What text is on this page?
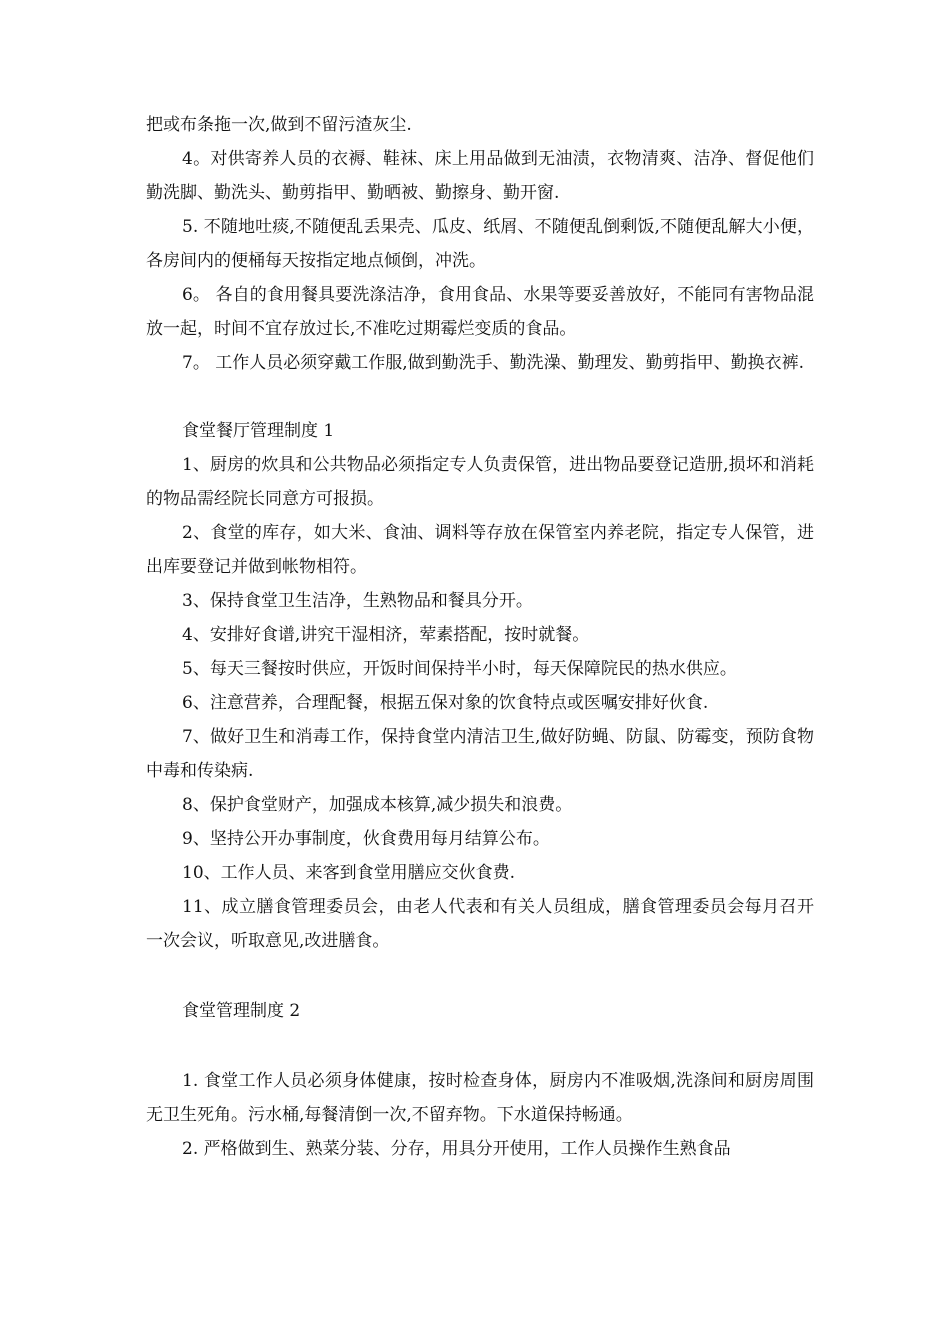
把或布条拖一次,做到不留污渣灰尘.

4。对供寄养人员的衣褥、鞋袜、床上用品做到无油渍，衣物清爽、洁净、督促他们勤洗脚、勤洗头、勤剪指甲、勤晒被、勤擦身、勤开窗.

5. 不随地吐痰,不随便乱丢果壳、瓜皮、纸屑、不随便乱倒剩饭,不随便乱解大小便，各房间内的便桶每天按指定地点倾倒，冲洗。

6。 各自的食用餐具要洗涤洁净，食用食品、水果等要妥善放好，不能同有害物品混放一起，时间不宜存放过长,不准吃过期霉烂变质的食品。

7。 工作人员必须穿戴工作服,做到勤洗手、勤洗澡、勤理发、勤剪指甲、勤换衣裤.

食堂餐厅管理制度 1

1、厨房的炊具和公共物品必须指定专人负责保管，进出物品要登记造册,损坏和消耗的物品需经院长同意方可报损。

2、食堂的库存，如大米、食油、调料等存放在保管室内养老院，指定专人保管，进出库要登记并做到帐物相符。

3、保持食堂卫生洁净，生熟物品和餐具分开。

4、安排好食谱,讲究干湿相济，荤素搭配，按时就餐。

5、每天三餐按时供应，开饭时间保持半小时，每天保障院民的热水供应。

6、注意营养，合理配餐，根据五保对象的饮食特点或医嘱安排好伙食.

7、做好卫生和消毒工作，保持食堂内清洁卫生,做好防蝇、防鼠、防霉变，预防食物中毒和传染病.

8、保护食堂财产，加强成本核算,减少损失和浪费。

9、坚持公开办事制度，伙食费用每月结算公布。

10、工作人员、来客到食堂用膳应交伙食费.

11、成立膳食管理委员会，由老人代表和有关人员组成，膳食管理委员会每月召开一次会议，听取意见,改进膳食。

食堂管理制度 2

1. 食堂工作人员必须身体健康，按时检查身体，厨房内不准吸烟,洗涤间和厨房周围无卫生死角。污水桶,每餐清倒一次,不留弃物。下水道保持畅通。

2. 严格做到生、熟菜分装、分存，用具分开使用，工作人员操作生熟食品
